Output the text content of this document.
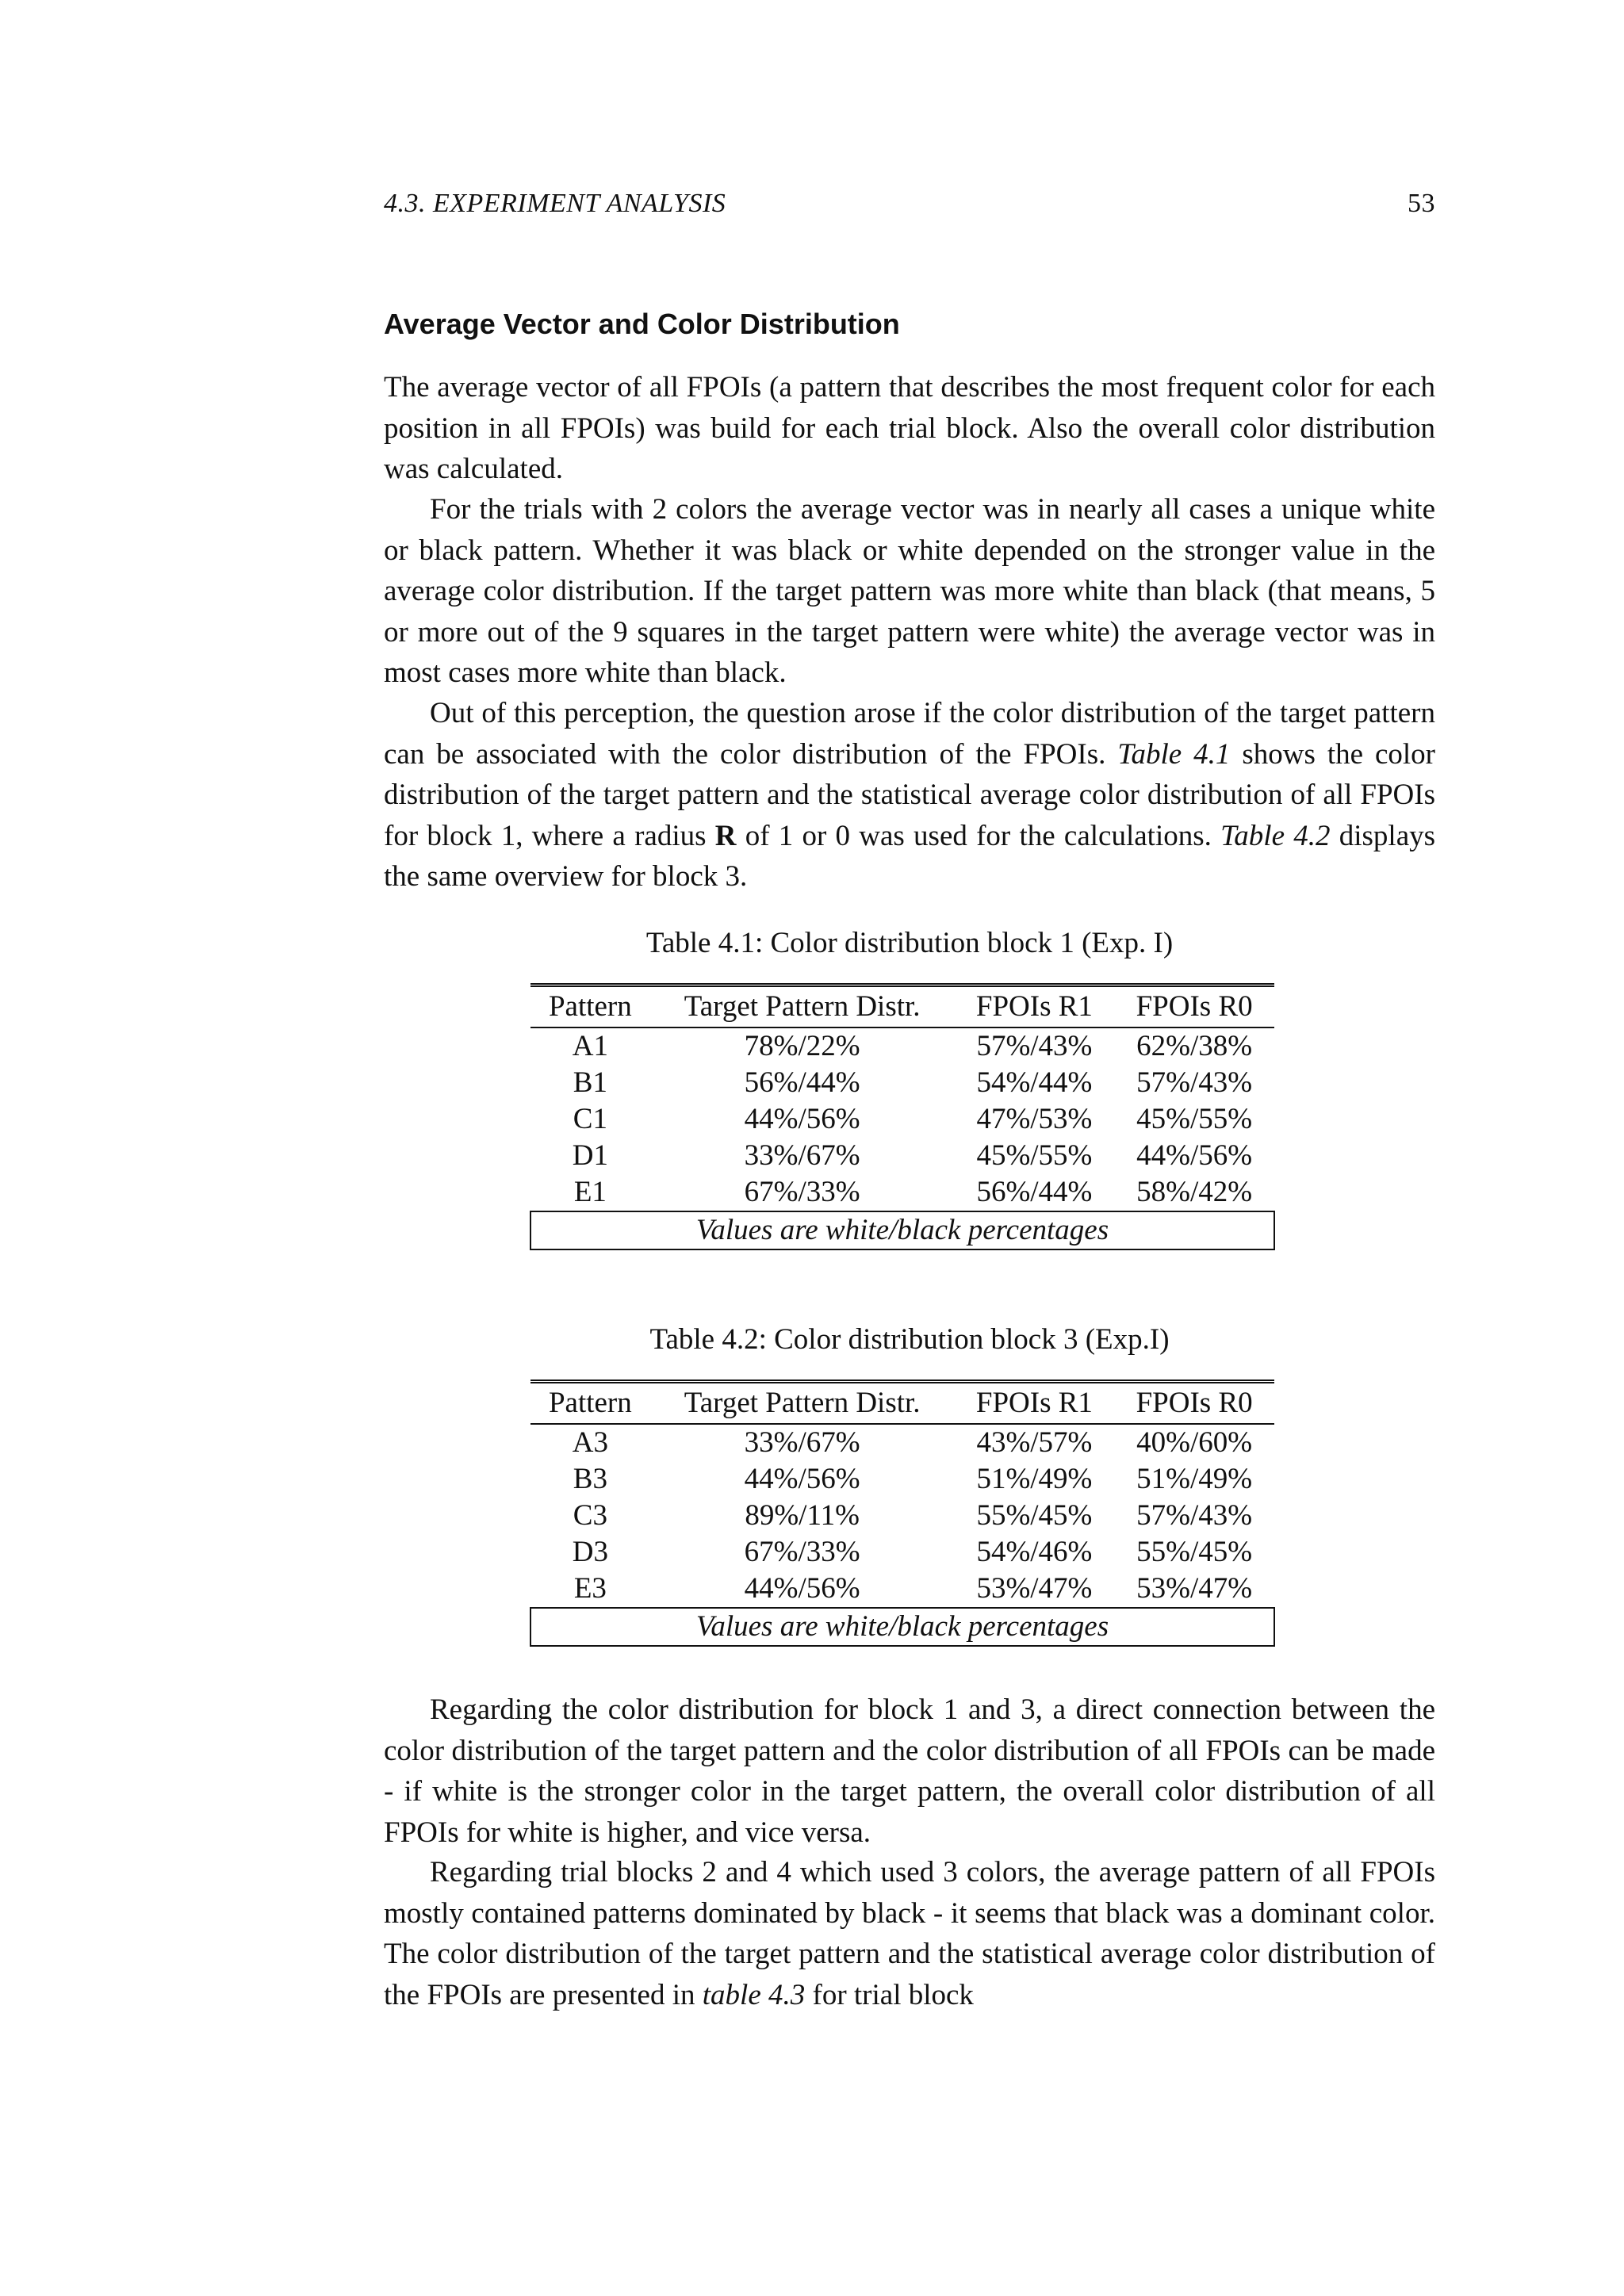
4.3. EXPERIMENT ANALYSIS	53
Average Vector and Color Distribution

The average vector of all FPOIs (a pattern that describes the most frequent color for each position in all FPOIs) was build for each trial block. Also the overall color distribution was calculated.

For the trials with 2 colors the average vector was in nearly all cases a unique white or black pattern. Whether it was black or white depended on the stronger value in the average color distribution. If the target pattern was more white than black (that means, 5 or more out of the 9 squares in the target pattern were white) the average vector was in most cases more white than black.

Out of this perception, the question arose if the color distribution of the target pattern can be associated with the color distribution of the FPOIs. Table 4.1 shows the color distribution of the target pattern and the statistical average color distribution of all FPOIs for block 1, where a radius R of 1 or 0 was used for the calculations. Table 4.2 displays the same overview for block 3.

Table 4.1: Color distribution block 1 (Exp. I)
Pattern	Target Pattern Distr.	FPOIs R1	FPOIs R0
A1	78%/22%	57%/43%	62%/38%
B1	56%/44%	54%/44%	57%/43%
C1	44%/56%	47%/53%	45%/55%
D1	33%/67%	45%/55%	44%/56%
E1	67%/33%	56%/44%	58%/42%
Values are white/black percentages			
Table 4.2: Color distribution block 3 (Exp.I)
Pattern	Target Pattern Distr.	FPOIs R1	FPOIs R0
A3	33%/67%	43%/57%	40%/60%
B3	44%/56%	51%/49%	51%/49%
C3	89%/11%	55%/45%	57%/43%
D3	67%/33%	54%/46%	55%/45%
E3	44%/56%	53%/47%	53%/47%
Values are white/black percentages			

Regarding the color distribution for block 1 and 3, a direct connection between the color distribution of the target pattern and the color distribution of all FPOIs can be made - if white is the stronger color in the target pattern, the overall color distribution of all FPOIs for white is higher, and vice versa.

Regarding trial blocks 2 and 4 which used 3 colors, the average pattern of all FPOIs mostly contained patterns dominated by black - it seems that black was a dominant color. The color distribution of the target pattern and the statistical average color distribution of the FPOIs are presented in table 4.3 for trial block
